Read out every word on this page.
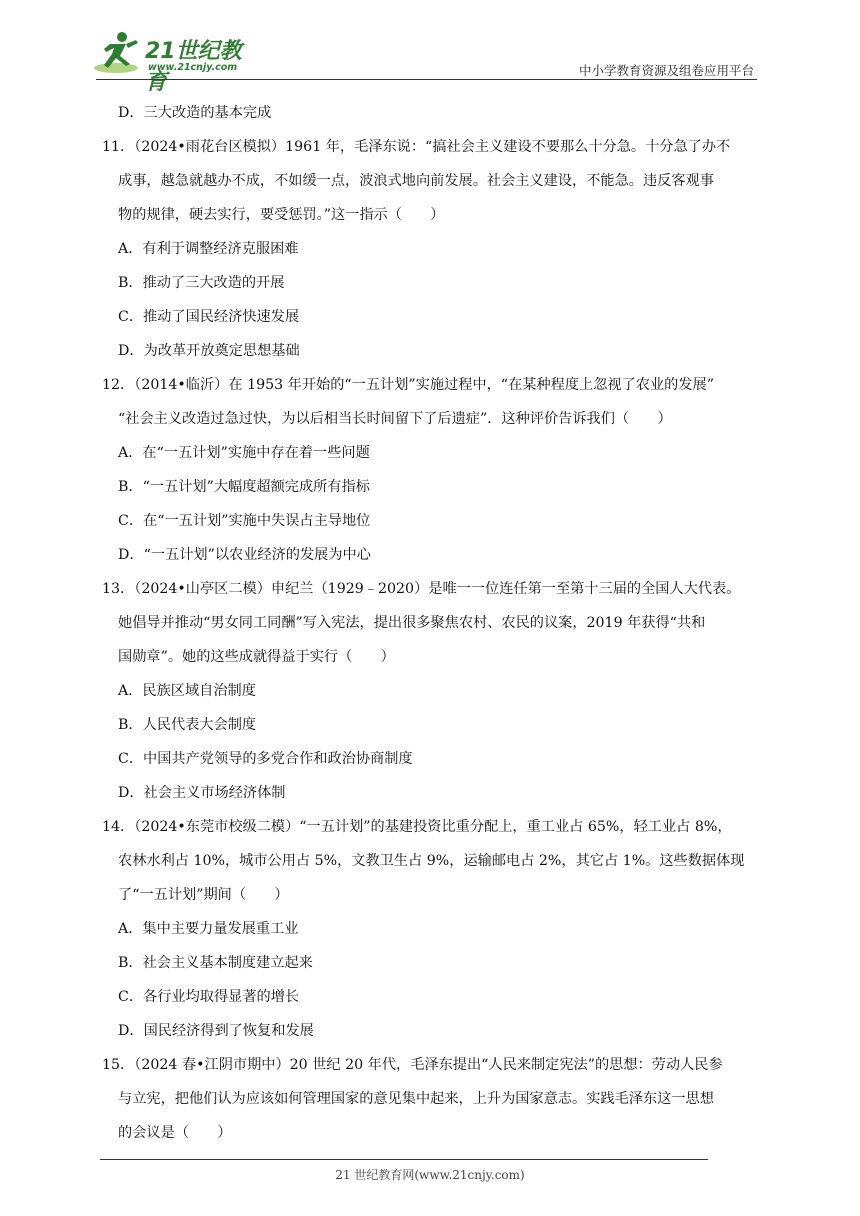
21世纪教育
www.21cnjy.com	中小学教育资源及组卷应用平台
D．三大改造的基本完成
11．（2024•雨花台区模拟）1961 年，毛泽东说：“搞社会主义建设不要那么十分急。十分急了办不
成事，越急就越办不成，不如缓一点，波浪式地向前发展。社会主义建设，不能急。违反客观事
物的规律，硬去实行，要受惩罚。”这一指示（　　）
A．有利于调整经济克服困难
B．推动了三大改造的开展
C．推动了国民经济快速发展
D．为改革开放奠定思想基础
12．（2014•临沂）在 1953 年开始的“一五计划”实施过程中，“在某种程度上忽视了农业的发展”
“社会主义改造过急过快，为以后相当长时间留下了后遗症”．这种评价告诉我们（　　）
A．在“一五计划”实施中存在着一些问题
B．“一五计划”大幅度超额完成所有指标
C．在“一五计划”实施中失误占主导地位
D．“一五计划”以农业经济的发展为中心
13．（2024•山亭区二模）申纪兰（1929﹣2020）是唯一一位连任第一至第十三届的全国人大代表。
她倡导并推动“男女同工同酬”写入宪法，提出很多聚焦农村、农民的议案，2019 年获得“共和
国勋章”。她的这些成就得益于实行（　　）
A．民族区域自治制度
B．人民代表大会制度
C．中国共产党领导的多党合作和政治协商制度
D．社会主义市场经济体制
14．（2024•东莞市校级二模）“一五计划”的基建投资比重分配上，重工业占 65%，轻工业占 8%，
农林水利占 10%，城市公用占 5%，文教卫生占 9%，运输邮电占 2%，其它占 1%。这些数据体现
了“一五计划”期间（　　）
A．集中主要力量发展重工业
B．社会主义基本制度建立起来
C．各行业均取得显著的增长
D．国民经济得到了恢复和发展
15．（2024 春•江阴市期中）20 世纪 20 年代，毛泽东提出“人民来制定宪法”的思想：劳动人民参
与立宪，把他们认为应该如何管理国家的意见集中起来，上升为国家意志。实践毛泽东这一思想
的会议是（　　）
21 世纪教育网(www.21cnjy.com)
